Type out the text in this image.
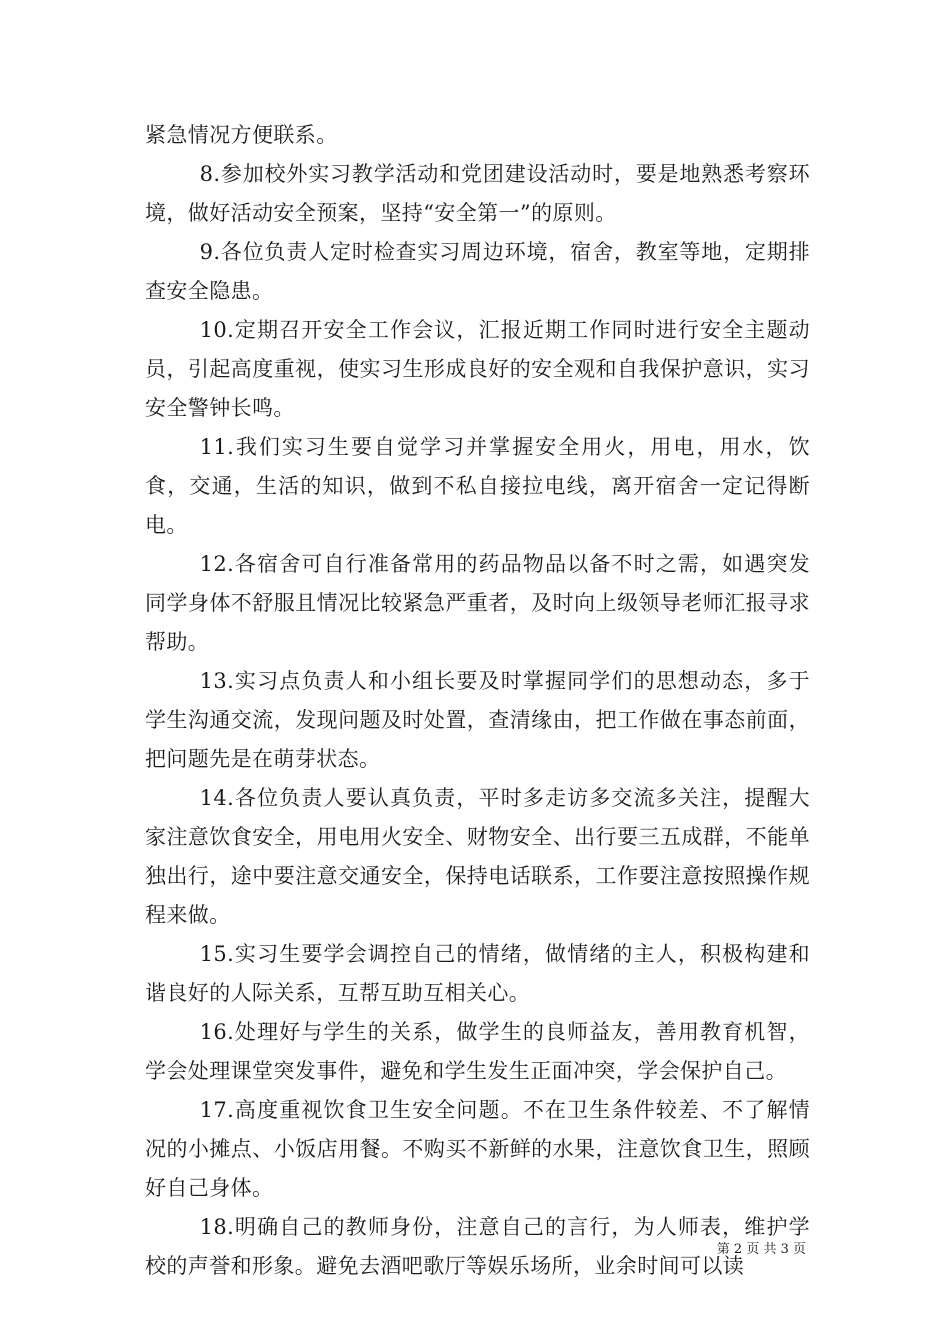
紧急情况方便联系。

8.参加校外实习教学活动和党团建设活动时，要是地熟悉考察环境，做好活动安全预案，坚持“安全第一”的原则。

9.各位负责人定时检查实习周边环境，宿舍，教室等地，定期排查安全隐患。

10.定期召开安全工作会议，汇报近期工作同时进行安全主题动员，引起高度重视，使实习生形成良好的安全观和自我保护意识，实习安全警钟长鸣。

11.我们实习生要自觉学习并掌握安全用火，用电，用水，饮食，交通，生活的知识，做到不私自接拉电线，离开宿舍一定记得断电。

12.各宿舍可自行准备常用的药品物品以备不时之需，如遇突发同学身体不舒服且情况比较紧急严重者，及时向上级领导老师汇报寻求帮助。

13.实习点负责人和小组长要及时掌握同学们的思想动态，多于学生沟通交流，发现问题及时处置，查清缘由，把工作做在事态前面，把问题先是在萌芽状态。

14.各位负责人要认真负责，平时多走访多交流多关注，提醒大家注意饮食安全，用电用火安全、财物安全、出行要三五成群，不能单独出行，途中要注意交通安全，保持电话联系，工作要注意按照操作规程来做。

15.实习生要学会调控自己的情绪，做情绪的主人，积极构建和谐良好的人际关系，互帮互助互相关心。

16.处理好与学生的关系，做学生的良师益友，善用教育机智，学会处理课堂突发事件，避免和学生发生正面冲突，学会保护自己。

17.高度重视饮食卫生安全问题。不在卫生条件较差、不了解情况的小摊点、小饭店用餐。不购买不新鲜的水果，注意饮食卫生，照顾好自己身体。

18.明确自己的教师身份，注意自己的言行，为人师表，维护学校的声誉和形象。避免去酒吧歌厅等娱乐场所，业余时间可以读

第 2 页 共 3 页
